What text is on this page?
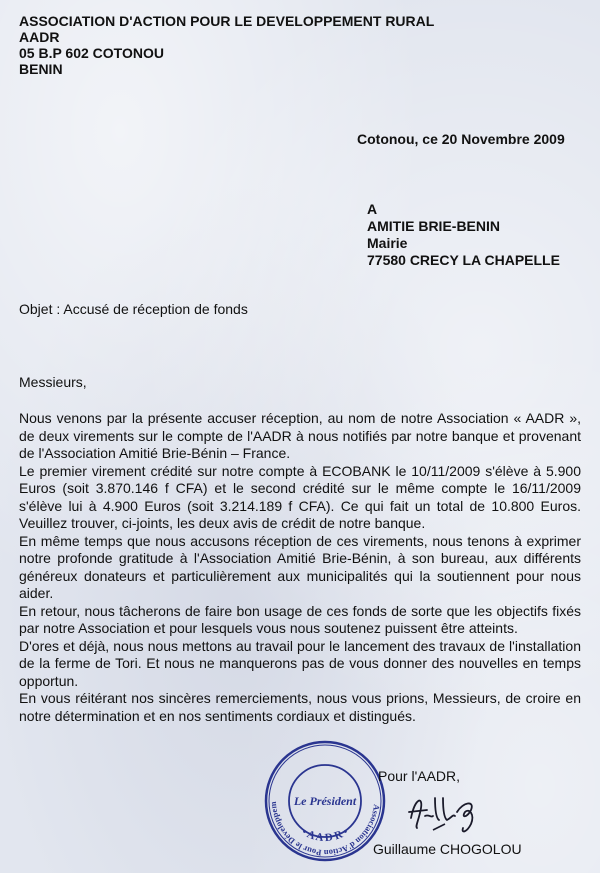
ASSOCIATION D'ACTION POUR LE DEVELOPPEMENT RURAL
AADR
05 B.P 602 COTONOU
BENIN
Cotonou, ce 20 Novembre 2009
A
AMITIE BRIE-BENIN
Mairie
77580 CRECY LA CHAPELLE
Objet : Accusé de réception de fonds
Messieurs,

Nous venons par la présente accuser réception, au nom de notre Association « AADR », de deux virements sur le compte de l'AADR à nous notifiés par notre banque et provenant de l'Association Amitié Brie-Bénin – France.

Le premier virement crédité sur notre compte à ECOBANK le 10/11/2009 s'élève à 5.900 Euros (soit 3.870.146 f CFA) et le second crédité sur le même compte le 16/11/2009 s'élève lui à 4.900 Euros (soit 3.214.189 f CFA). Ce qui fait un total de 10.800 Euros. Veuillez trouver, ci-joints, les deux avis de crédit de notre banque.

En même temps que nous accusons réception de ces virements, nous tenons à exprimer notre profonde gratitude à l'Association Amitié Brie-Bénin, à son bureau, aux différents généreux donateurs et particulièrement aux municipalités qui la soutiennent pour nous aider.

En retour, nous tâcherons de faire bon usage de ces fonds de sorte que les objectifs fixés par notre Association et pour lesquels vous nous soutenez puissent être atteints.

D'ores et déjà, nous nous mettons au travail pour le lancement des travaux de l'installation de la ferme de Tori. Et nous ne manquerons pas de vous donner des nouvelles en temps opportun.

En vous réitérant nos sincères remerciements, nous vous prions, Messieurs, de croire en notre détermination et en nos sentiments cordiaux et distingués.

Association d'Action Pour le Développem	Le Président
• A A D R •
Pour l'AADR,
Guillaume CHOGOLOU
